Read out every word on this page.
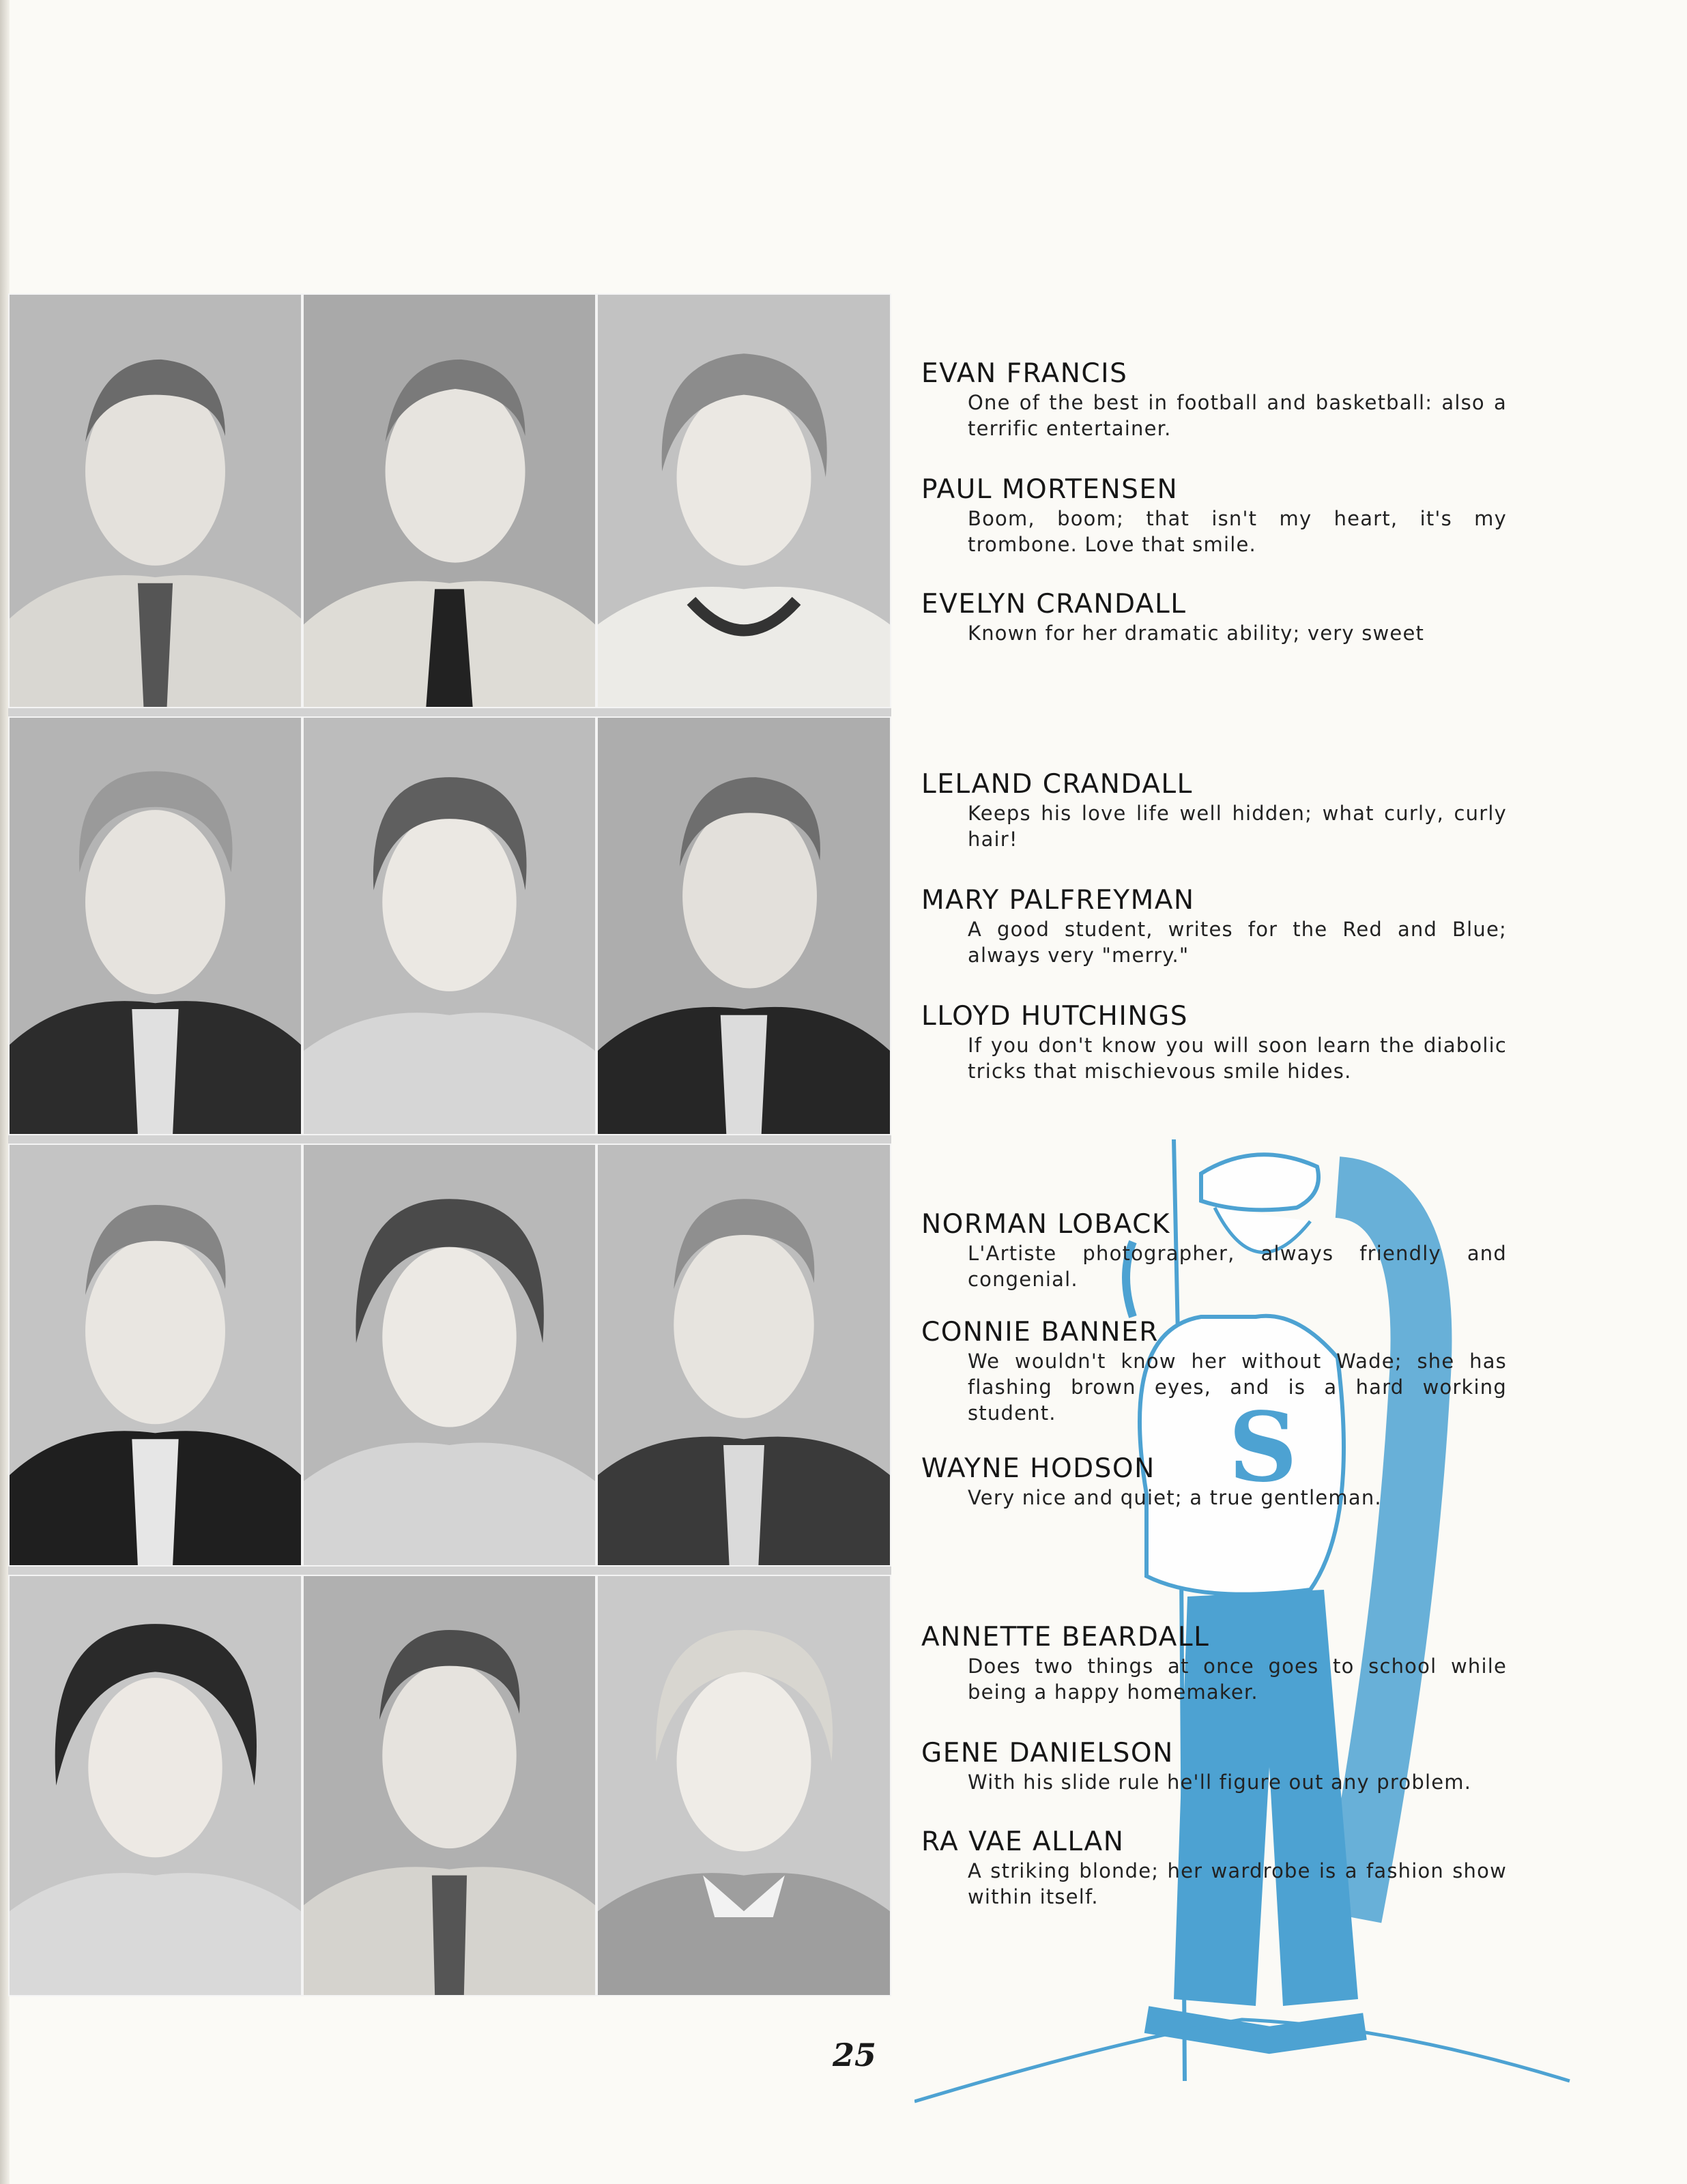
S
EVAN FRANCIS
One of the best in football and basketball: also a terrific entertainer.
PAUL MORTENSEN
Boom, boom; that isn't my heart, it's my trombone. Love that smile.
EVELYN CRANDALL
Known for her dramatic ability; very sweet
LELAND CRANDALL
Keeps his love life well hidden; what curly, curly hair!
MARY PALFREYMAN
A good student, writes for the Red and Blue; always very "merry."
LLOYD HUTCHINGS
If you don't know you will soon learn the diabolic tricks that mischievous smile hides.
NORMAN LOBACK
L'Artiste photographer, always friendly and congenial.
CONNIE BANNER
We wouldn't know her without Wade; she has flashing brown eyes, and is a hard working student.
WAYNE HODSON
Very nice and quiet; a true gentleman.
ANNETTE BEARDALL
Does two things at once goes to school while being a happy homemaker.
GENE DANIELSON
With his slide rule he'll figure out any problem.
RA VAE ALLAN
A striking blonde; her wardrobe is a fashion show within itself.
25
